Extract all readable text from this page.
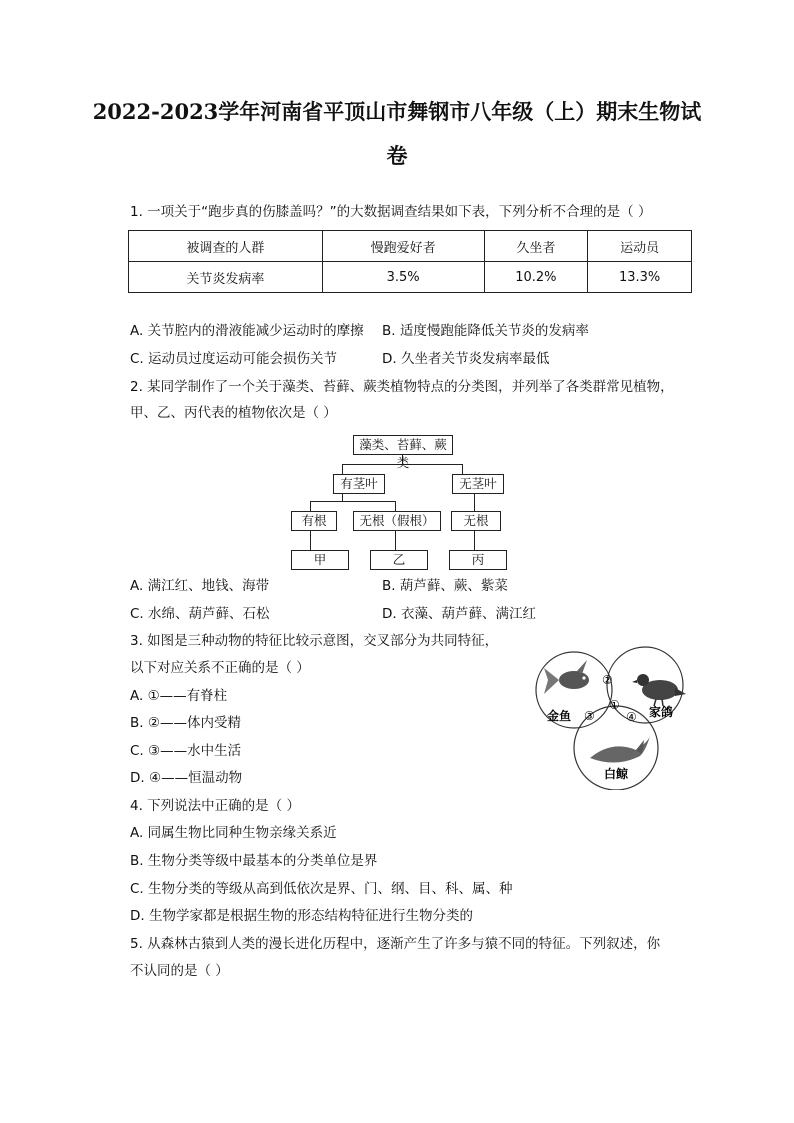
2022-2023学年河南省平顶山市舞钢市八年级（上）期末生物试
卷
1. 一项关于“跑步真的伤膝盖吗？”的大数据调查结果如下表，下列分析不合理的是（ ）
被调查的人群	慢跑爱好者	久坐者	运动员
关节炎发病率	3.5%	10.2%	13.3%
A. 关节腔内的滑液能减少运动时的摩擦 B. 适度慢跑能降低关节炎的发病率
C. 运动员过度运动可能会损伤关节	D. 久坐者关节炎发病率最低
2. 某同学制作了一个关于藻类、苔藓、蕨类植物特点的分类图，并列举了各类群常见植物，
甲、乙、丙代表的植物依次是（ ）
藻类、苔藓、蕨类
有茎叶	无茎叶
有根	无根（假根）	无根
甲	乙	丙
A. 满江红、地钱、海带	B. 葫芦藓、蕨、紫菜
C. 水绵、葫芦藓、石松	D. 衣藻、葫芦藓、满江红
3. 如图是三种动物的特征比较示意图，交叉部分为共同特征，
以下对应关系不正确的是（ ）
A. ①——有脊柱
B. ②——体内受精
C. ③——水中生活
D. ④——恒温动物
金鱼	家鸽
白鲸
②
③
①
④
4. 下列说法中正确的是（ ）
A. 同属生物比同种生物亲缘关系近
B. 生物分类等级中最基本的分类单位是界
C. 生物分类的等级从高到低依次是界、门、纲、目、科、属、种
D. 生物学家都是根据生物的形态结构特征进行生物分类的
5. 从森林古猿到人类的漫长进化历程中，逐渐产生了许多与猿不同的特征。下列叙述，你
不认同的是（ ）
